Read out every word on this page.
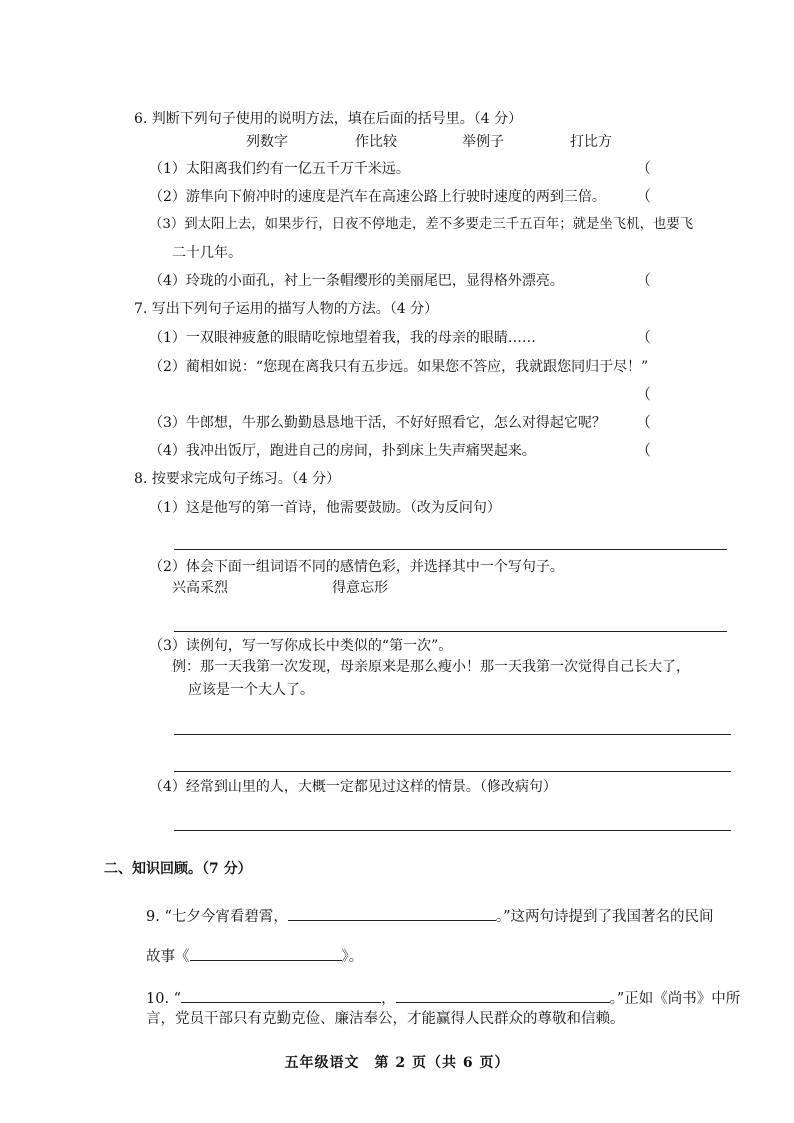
6. 判断下列句子使用的说明方法，填在后面的括号里。（4 分）
列数字	作比较	举例子	打比方
（1）太阳离我们约有一亿五千万千米远。	（
（2）游隼向下俯冲时的速度是汽车在高速公路上行驶时速度的两到三倍。 （
（3）到太阳上去，如果步行，日夜不停地走，差不多要走三千五百年；就是坐飞机，也要飞
二十几年。
（4）玲珑的小面孔，衬上一条帽缨形的美丽尾巴，显得格外漂亮。	（
7. 写出下列句子运用的描写人物的方法。（4 分）
（1）一双眼神疲惫的眼睛吃惊地望着我，我的母亲的眼睛……	（
（2）蔺相如说：“您现在离我只有五步远。如果您不答应，我就跟您同归于尽！”
（
（3）牛郎想，牛那么勤勤恳恳地干活，不好好照看它，怎么对得起它呢？ （
（4）我冲出饭厅，跑进自己的房间，扑到床上失声痛哭起来。	（
8. 按要求完成句子练习。（4 分）
（1）这是他写的第一首诗，他需要鼓励。（改为反问句）
（2）体会下面一组词语不同的感情色彩，并选择其中一个写句子。
兴高采烈	得意忘形
（3）读例句，写一写你成长中类似的“第一次”。
例：那一天我第一次发现，母亲原来是那么瘦小！那一天我第一次觉得自己长大了，
应该是一个大人了。
（4）经常到山里的人，大概一定都见过这样的情景。（修改病句）
二、知识回顾。（7 分）
9. “七夕今宵看碧霄，	。”这两句诗提到了我国著名的民间
故事《	》。
10. “	，	。”正如《尚书》中所
言，党员干部只有克勤克俭、廉洁奉公，才能赢得人民群众的尊敬和信赖。
五年级语文　第 2 页（共 6 页）
